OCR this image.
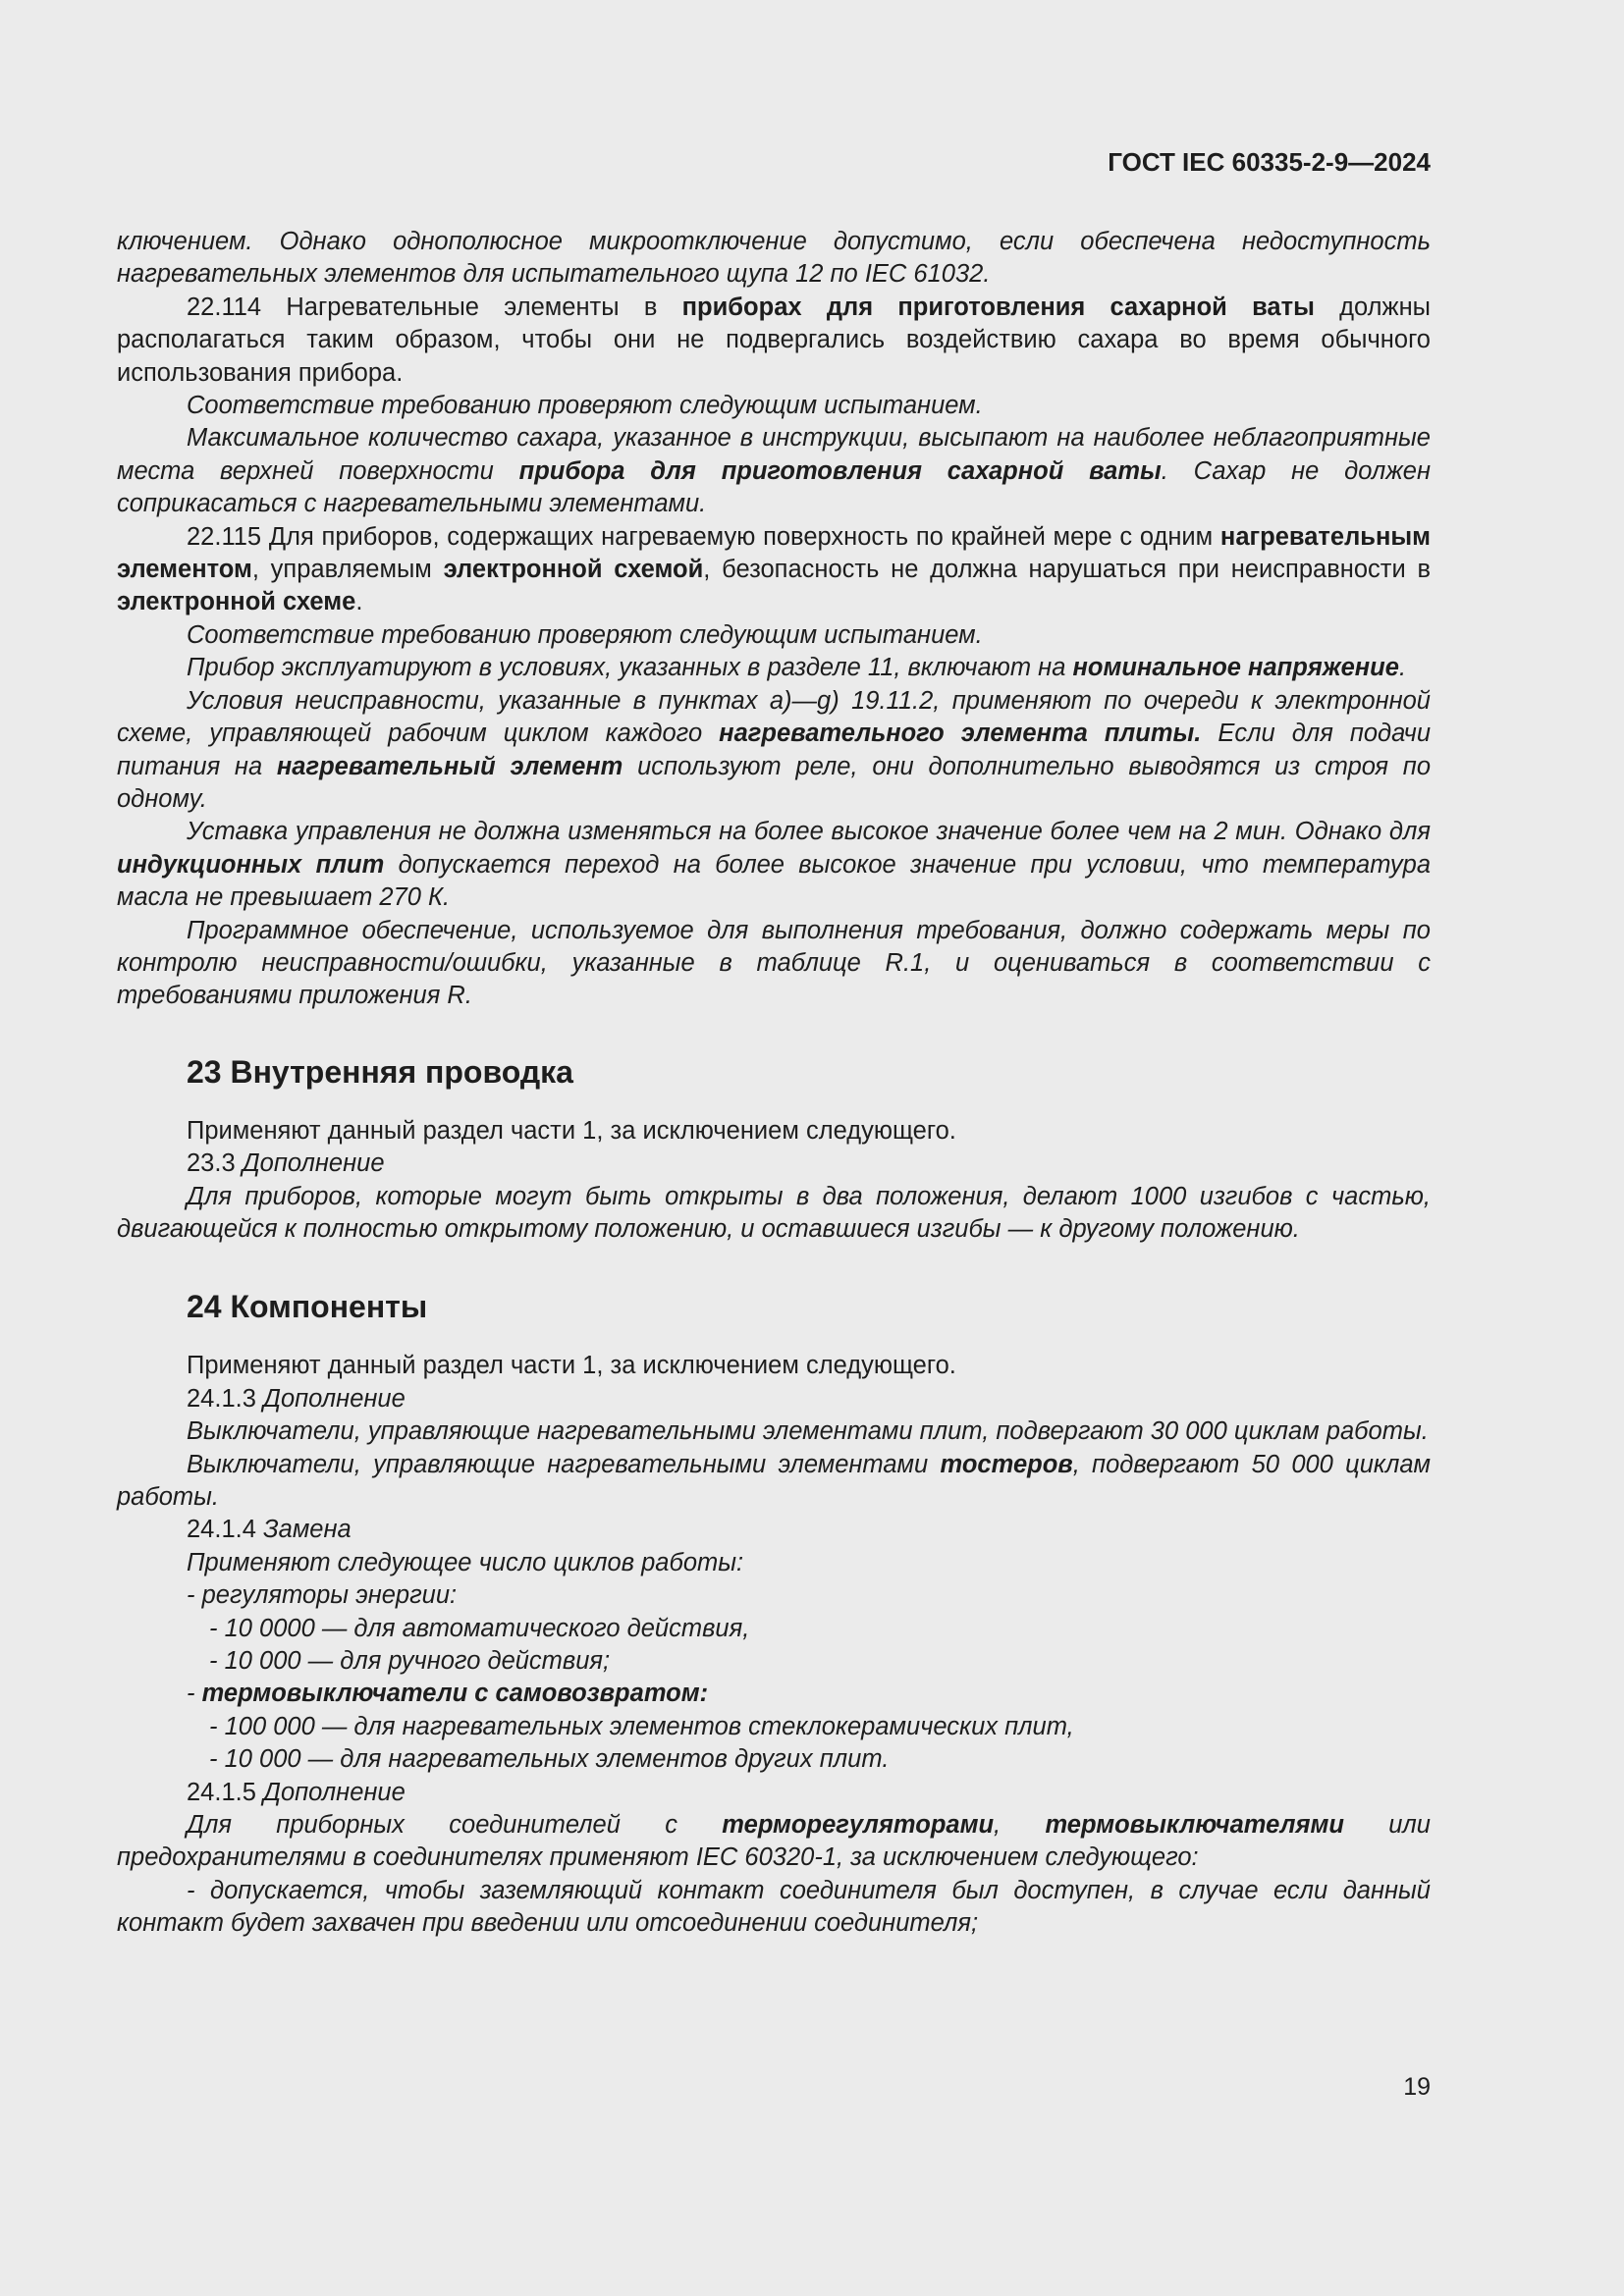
ГОСТ IEC 60335-2-9—2024

ключением. Однако однополюсное микроотключение допустимо, если обеспечена недоступность нагревательных элементов для испытательного щупа 12 по IEC 61032.

22.114 Нагревательные элементы в приборах для приготовления сахарной ваты должны располагаться таким образом, чтобы они не подвергались воздействию сахара во время обычного использования прибора.

Соответствие требованию проверяют следующим испытанием.

Максимальное количество сахара, указанное в инструкции, высыпают на наиболее неблагоприятные места верхней поверхности прибора для приготовления сахарной ваты. Сахар не должен соприкасаться с нагревательными элементами.

22.115 Для приборов, содержащих нагреваемую поверхность по крайней мере с одним нагревательным элементом, управляемым электронной схемой, безопасность не должна нарушаться при неисправности в электронной схеме.

Соответствие требованию проверяют следующим испытанием.

Прибор эксплуатируют в условиях, указанных в разделе 11, включают на номинальное напряжение.

Условия неисправности, указанные в пунктах а)—g) 19.11.2, применяют по очереди к электронной схеме, управляющей рабочим циклом каждого нагревательного элемента плиты. Если для подачи питания на нагревательный элемент используют реле, они дополнительно выводятся из строя по одному.

Уставка управления не должна изменяться на более высокое значение более чем на 2 мин. Однако для индукционных плит допускается переход на более высокое значение при условии, что температура масла не превышает 270 К.

Программное обеспечение, используемое для выполнения требования, должно содержать меры по контролю неисправности/ошибки, указанные в таблице R.1, и оцениваться в соответствии с требованиями приложения R.

23 Внутренняя проводка

Применяют данный раздел части 1, за исключением следующего.

23.3 Дополнение

Для приборов, которые могут быть открыты в два положения, делают 1000 изгибов с частью, двигающейся к полностью открытому положению, и оставшиеся изгибы — к другому положению.

24 Компоненты

Применяют данный раздел части 1, за исключением следующего.

24.1.3 Дополнение

Выключатели, управляющие нагревательными элементами плит, подвергают 30 000 циклам работы.

Выключатели, управляющие нагревательными элементами тостеров, подвергают 50 000 циклам работы.

24.1.4 Замена

Применяют следующее число циклов работы:

- регуляторы энергии:

- 10 0000 — для автоматического действия,

- 10 000 — для ручного действия;

- термовыключатели с самовозвратом:

- 100 000 — для нагревательных элементов стеклокерамических плит,

- 10 000 — для нагревательных элементов других плит.

24.1.5 Дополнение

Для приборных соединителей с терморегуляторами, термовыключателями или предохранителями в соединителях применяют IEC 60320-1, за исключением следующего:

- допускается, чтобы заземляющий контакт соединителя был доступен, в случае если данный контакт будет захвачен при введении или отсоединении соединителя;

19
